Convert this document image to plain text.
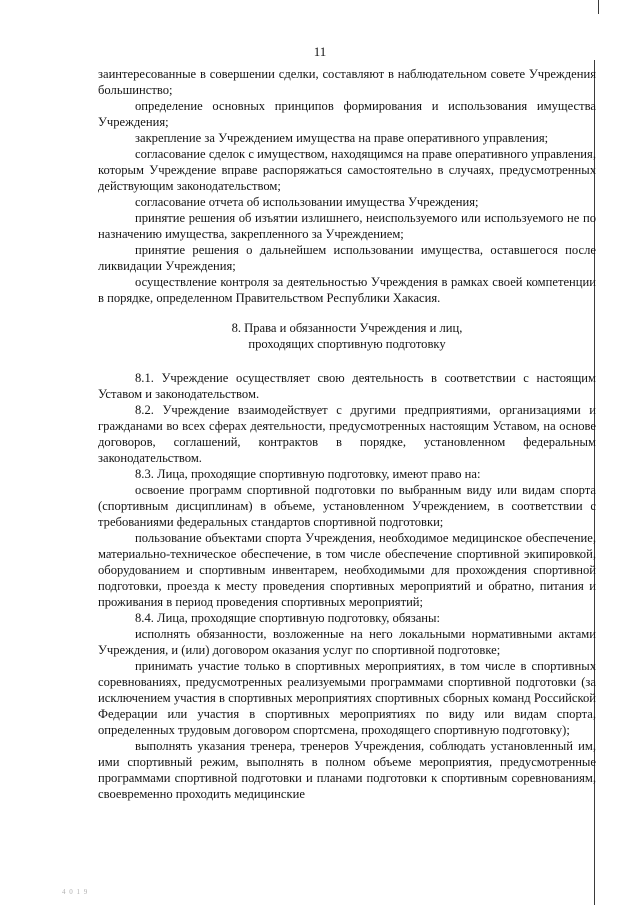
11

заинтересованные в совершении сделки, составляют в наблюдательном совете Учреждения большинство;

определение основных принципов формирования и использования имущества Учреждения;

закрепление за Учреждением имущества на праве оперативного управления;

согласование сделок с имуществом, находящимся на праве оперативного управления, которым Учреждение вправе распоряжаться самостоятельно в случаях, предусмотренных действующим законодательством;

согласование отчета об использовании имущества Учреждения;

принятие решения об изъятии излишнего, неиспользуемого или используемого не по назначению имущества, закрепленного за Учреждением;

принятие решения о дальнейшем использовании имущества, оставшегося после ликвидации Учреждения;

осуществление контроля за деятельностью Учреждения в рамках своей компетенции в порядке, определенном Правительством Республики Хакасия.

8. Права и обязанности Учреждения и лиц,
проходящих спортивную подготовку

8.1. Учреждение осуществляет свою деятельность в соответствии с настоящим Уставом и законодательством.

8.2. Учреждение взаимодействует с другими предприятиями, организациями и гражданами во всех сферах деятельности, предусмотренных настоящим Уставом, на основе договоров, соглашений, контрактов в порядке, установленном федеральным законодательством.

8.3. Лица, проходящие спортивную подготовку, имеют право на:

освоение программ спортивной подготовки по выбранным виду или видам спорта (спортивным дисциплинам) в объеме, установленном Учреждением, в соответствии с требованиями федеральных стандартов спортивной подготовки;

пользование объектами спорта Учреждения, необходимое медицинское обеспечение, материально-техническое обеспечение, в том числе обеспечение спортивной экипировкой, оборудованием и спортивным инвентарем, необходимыми для прохождения спортивной подготовки, проезда к месту проведения спортивных мероприятий и обратно, питания и проживания в период проведения спортивных мероприятий;

8.4. Лица, проходящие спортивную подготовку, обязаны:

исполнять обязанности, возложенные на него локальными нормативными актами Учреждения, и (или) договором оказания услуг по спортивной подготовке;

принимать участие только в спортивных мероприятиях, в том числе в спортивных соревнованиях, предусмотренных реализуемыми программами спортивной подготовки (за исключением участия в спортивных мероприятиях спортивных сборных команд Российской Федерации или участия в спортивных мероприятиях по виду или видам спорта, определенных трудовым договором спортсмена, проходящего спортивную подготовку);

выполнять указания тренера, тренеров Учреждения, соблюдать установленный им, ими спортивный режим, выполнять в полном объеме мероприятия, предусмотренные программами спортивной подготовки и планами подготовки к спортивным соревнованиям, своевременно проходить медицинские

4 0 1 9
